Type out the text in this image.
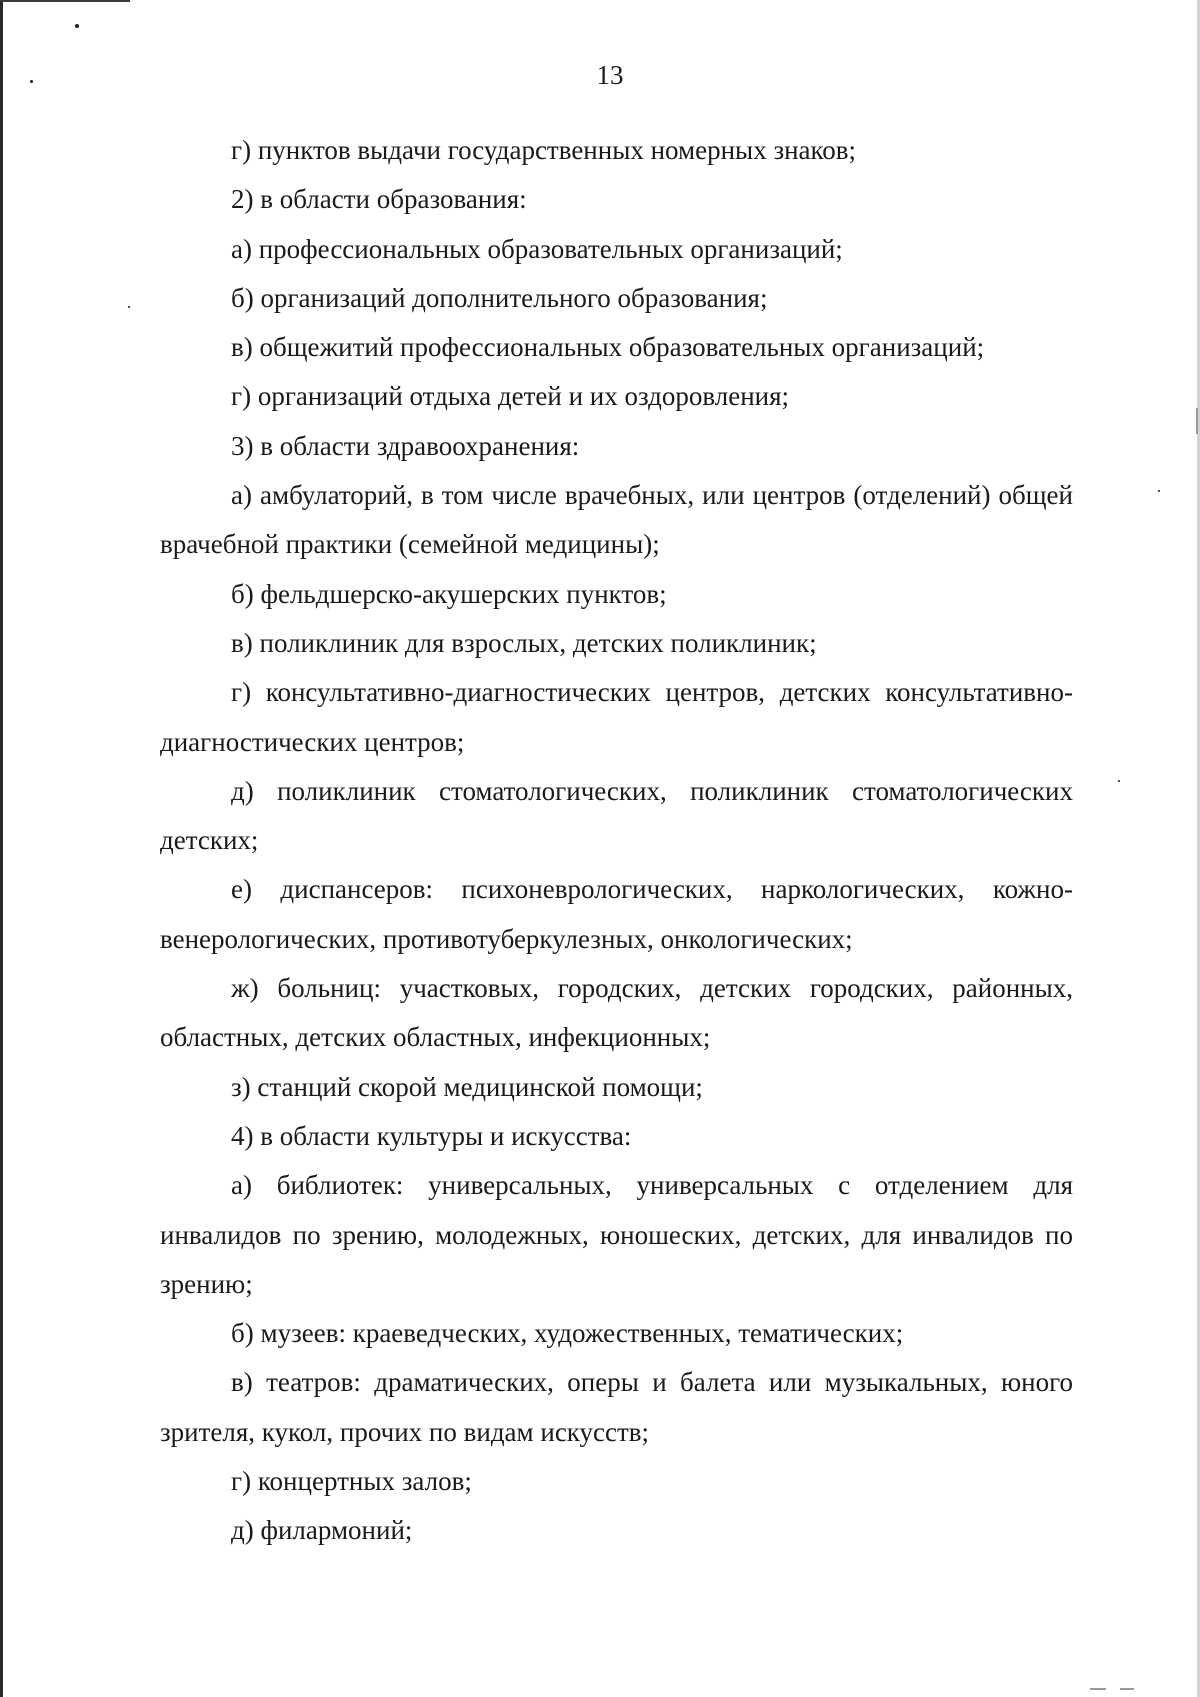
13

г) пунктов выдачи государственных номерных знаков;

2) в области образования:

а) профессиональных образовательных организаций;

б) организаций дополнительного образования;

в) общежитий профессиональных образовательных организаций;

г) организаций отдыха детей и их оздоровления;

3) в области здравоохранения:

а) амбулаторий, в том числе врачебных, или центров (отделений) общей врачебной практики (семейной медицины);

б) фельдшерско-акушерских пунктов;

в) поликлиник для взрослых, детских поликлиник;

г) консультативно-диагностических центров, детских консультативно-диагностических центров;

д) поликлиник стоматологических, поликлиник стоматологических детских;

е) диспансеров: психоневрологических, наркологических, кожно-венерологических, противотуберкулезных, онкологических;

ж) больниц: участковых, городских, детских городских, районных, областных, детских областных, инфекционных;

з) станций скорой медицинской помощи;

4) в области культуры и искусства:

а) библиотек: универсальных, универсальных с отделением для инвалидов по зрению, молодежных, юношеских, детских, для инвалидов по зрению;

б) музеев: краеведческих, художественных, тематических;

в) театров: драматических, оперы и балета или музыкальных, юного зрителя, кукол, прочих по видам искусств;

г) концертных залов;

д) филармоний;
